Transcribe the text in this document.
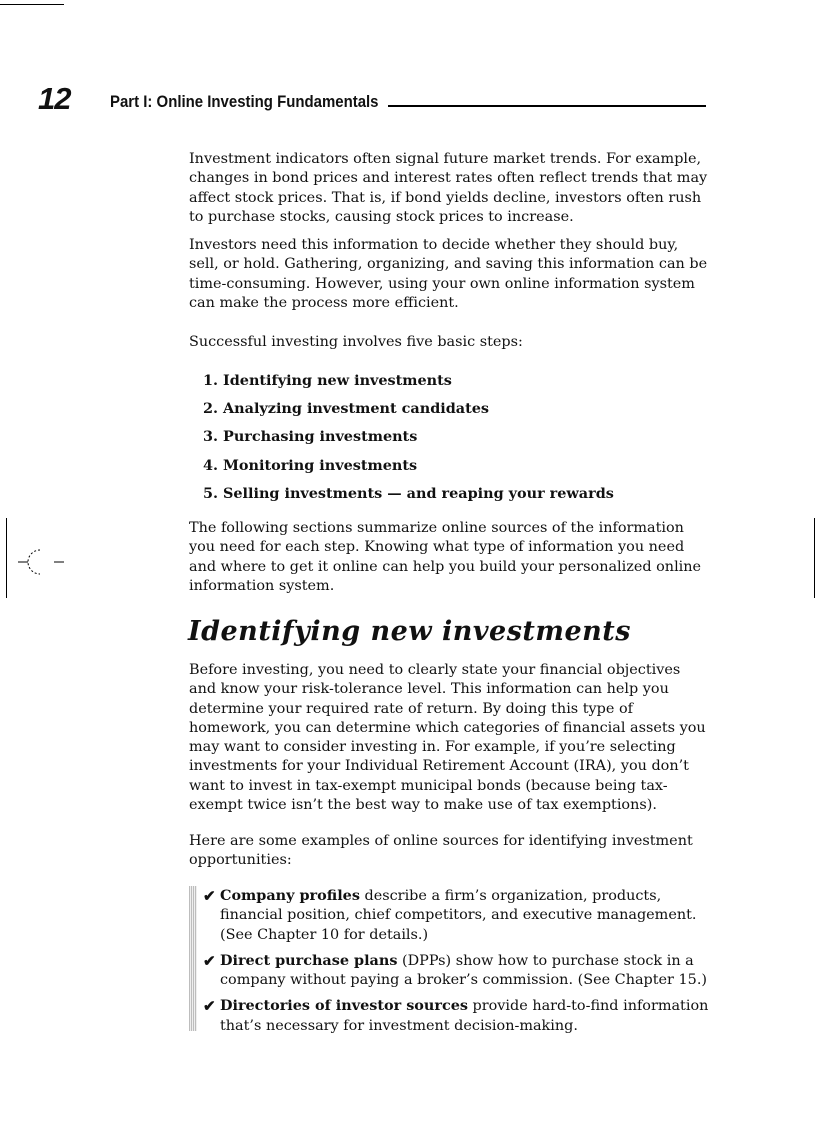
12 Part I: Online Investing Fundamentals

Investment indicators often signal future market trends. For example, changes in bond prices and interest rates often reflect trends that may affect stock prices. That is, if bond yields decline, investors often rush to purchase stocks, causing stock prices to increase.

Investors need this information to decide whether they should buy, sell, or hold. Gathering, organizing, and saving this information can be time-consuming. However, using your own online information system can make the process more efficient.

Successful investing involves five basic steps:

1. Identifying new investments
2. Analyzing investment candidates
3. Purchasing investments
4. Monitoring investments
5. Selling investments — and reaping your rewards

The following sections summarize online sources of the information you need for each step. Knowing what type of information you need and where to get it online can help you build your personalized online information system.

Identifying new investments

Before investing, you need to clearly state your financial objectives and know your risk-tolerance level. This information can help you determine your required rate of return. By doing this type of homework, you can determine which categories of financial assets you may want to consider investing in. For example, if you’re selecting investments for your Individual Retirement Account (IRA), you don’t want to invest in tax-exempt municipal bonds (because being tax-exempt twice isn’t the best way to make use of tax exemptions).

Here are some examples of online sources for identifying investment opportunities:

✔ Company profiles describe a firm’s organization, products, financial position, chief competitors, and executive management. (See Chapter 10 for details.)
✔ Direct purchase plans (DPPs) show how to purchase stock in a company without paying a broker’s commission. (See Chapter 15.)
✔ Directories of investor sources provide hard-to-find information that’s necessary for investment decision-making.
